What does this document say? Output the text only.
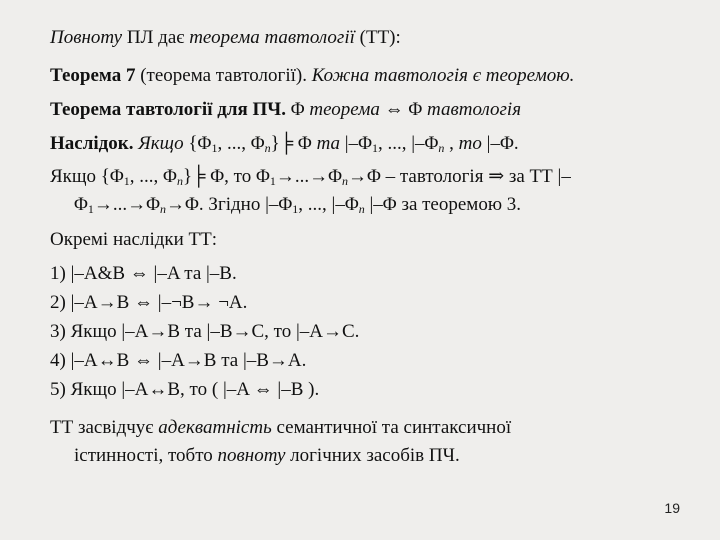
Повноту ПЛ дає теорема тавтології (ТТ):
Теорема 7 (теорема тавтології). Кожна тавтологія є теоремою.
Теорема тавтології для ПЧ. Φ теорема ⇔ Φ тавтологія
Наслідок. Якщо {$\Phi_1$, ..., $\Phi_n\}╞$ Φ та $|-\Phi_1$, ..., $|-\Phi_n$ , то |–Φ.
Якщо {$\Phi_1$, ..., $\Phi_n\}╞$ Φ, то $\Phi_1\to...\to\Phi_n\to\Phi$ – тавтологія ⇒ за ТТ |–
$\Phi_1\to...\to\Phi_n\to\Phi$. Згідно $|-\Phi_1$, ..., $|-\Phi_n$ |–Φ за теоремою 3.
Окремі наслідки ТТ:
1) |–A&B ⇔ |–A та |–B.
2) |–A→B ⇔ |–¬B→ ¬A.
3) Якщо |–A→B та |–B→C, то |–A→C.
4) |–A↔B ⇔ |–A→B та |–B→A.
5) Якщо |–A↔B, то ( |–A ⇔ |–B ).
ТТ засвідчує адекватність семантичної та синтаксичної
істинності, тобто повноту логічних засобів ПЧ.
19
